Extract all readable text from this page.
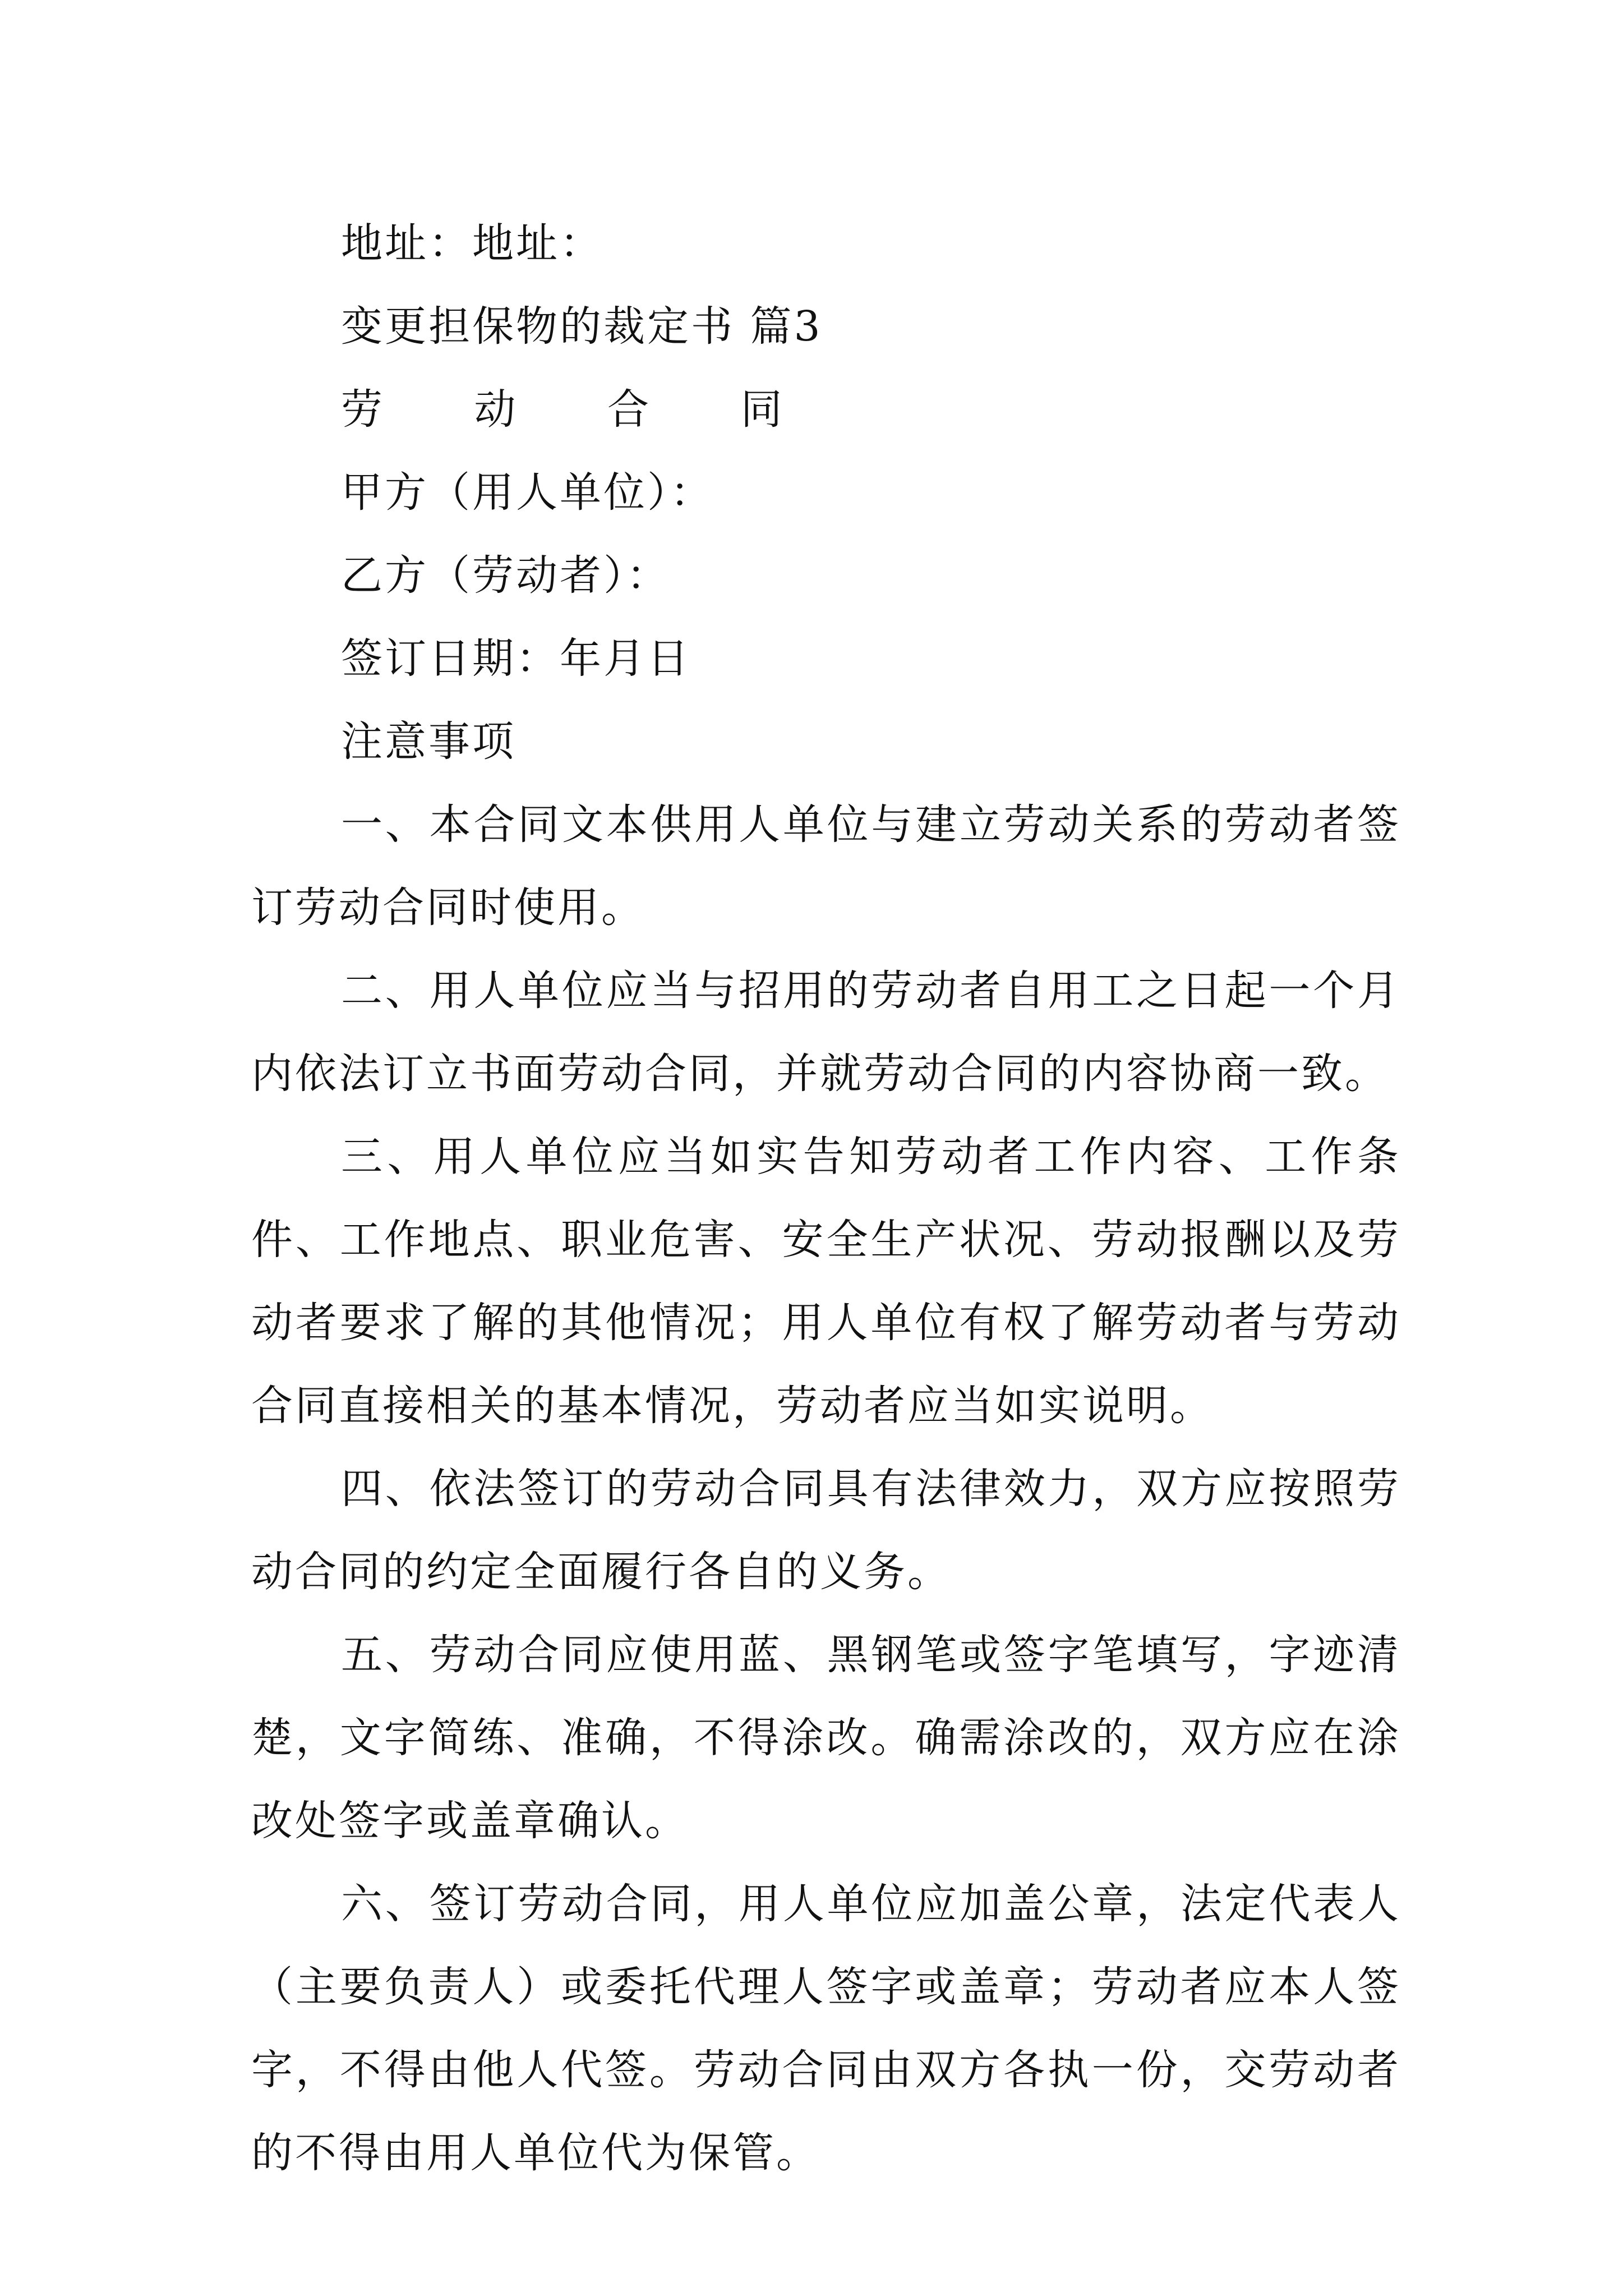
地址：地址：

变更担保物的裁定书 篇3

劳 动 合 同

甲方（用人单位）：

乙方（劳动者）：

签订日期：年月日

注意事项

一、本合同文本供用人单位与建立劳动关系的劳动者签订劳动合同时使用。

二、用人单位应当与招用的劳动者自用工之日起一个月内依法订立书面劳动合同，并就劳动合同的内容协商一致。

三、用人单位应当如实告知劳动者工作内容、工作条件、工作地点、职业危害、安全生产状况、劳动报酬以及劳动者要求了解的其他情况；用人单位有权了解劳动者与劳动合同直接相关的基本情况，劳动者应当如实说明。

四、依法签订的劳动合同具有法律效力，双方应按照劳动合同的约定全面履行各自的义务。

五、劳动合同应使用蓝、黑钢笔或签字笔填写，字迹清楚，文字简练、准确，不得涂改。确需涂改的，双方应在涂改处签字或盖章确认。

六、签订劳动合同，用人单位应加盖公章，法定代表人（主要负责人）或委托代理人签字或盖章；劳动者应本人签字，不得由他人代签。劳动合同由双方各执一份，交劳动者的不得由用人单位代为保管。
